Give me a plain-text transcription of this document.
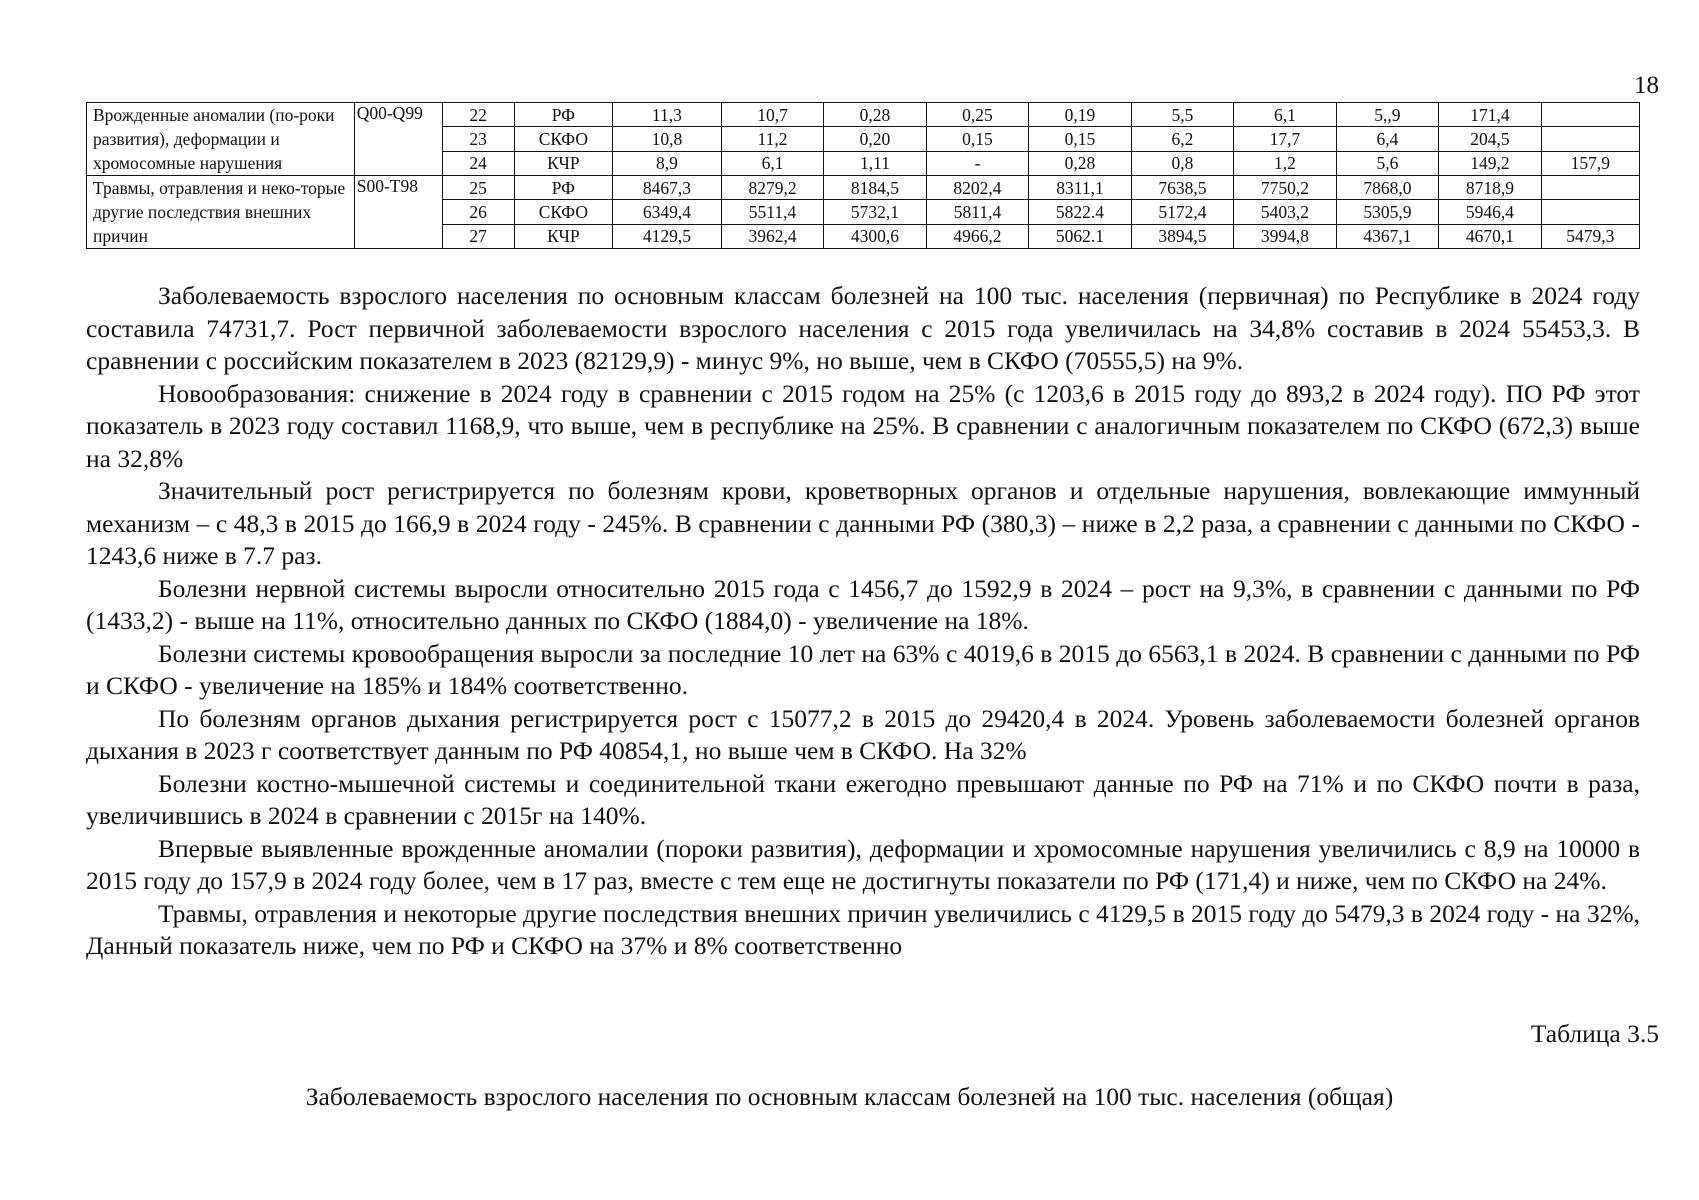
18
Врожденные аномалии (по-роки развития), деформации и хромосомные нарушения	Q00-Q99	22	РФ	11,3	10,7	0,28	0,25	0,19	5,5	6,1	5,,9	171,4	
		23	СКФО	10,8	11,2	0,20	0,15	0,15	6,2	17,7	6,4	204,5	
		24	КЧР	8,9	6,1	1,11	-	0,28	0,8	1,2	5,6	149,2	157,9
Травмы, отравления и неко-торые другие последствия внешних причин	S00-T98	25	РФ	8467,3	8279,2	8184,5	8202,4	8311,1	7638,5	7750,2	7868,0	8718,9	
		26	СКФО	6349,4	5511,4	5732,1	5811,4	5822.4	5172,4	5403,2	5305,9	5946,4	
		27	КЧР	4129,5	3962,4	4300,6	4966,2	5062.1	3894,5	3994,8	4367,1	4670,1	5479,3

Заболеваемость взрослого населения по основным классам болезней на 100 тыс. населения (первичная) по Республике в 2024 году составила 74731,7. Рост первичной заболеваемости взрослого населения с 2015 года увеличилась на 34,8% составив в 2024 55453,3. В сравнении с российским показателем в 2023 (82129,9) - минус 9%, но выше, чем в СКФО (70555,5) на 9%.

Новообразования: снижение в 2024 году в сравнении с 2015 годом на 25% (с 1203,6 в 2015 году до 893,2 в 2024 году). ПО РФ этот показатель в 2023 году составил 1168,9, что выше, чем в республике на 25%. В сравнении с аналогичным показателем по СКФО (672,3) выше на 32,8%

Значительный рост регистрируется по болезням крови, кроветворных органов и отдельные нарушения, вовлекающие иммунный механизм – с 48,3 в 2015 до 166,9 в 2024 году - 245%. В сравнении с данными РФ (380,3) – ниже в 2,2 раза, а сравнении с данными по СКФО - 1243,6 ниже в 7.7 раз.

Болезни нервной системы выросли относительно 2015 года с 1456,7 до 1592,9 в 2024 – рост на 9,3%, в сравнении с данными по РФ (1433,2) - выше на 11%, относительно данных по СКФО (1884,0) - увеличение на 18%.

Болезни системы кровообращения выросли за последние 10 лет на 63% с 4019,6 в 2015 до 6563,1 в 2024. В сравнении с данными по РФ и СКФО - увеличение на 185% и 184% соответственно.

По болезням органов дыхания регистрируется рост с 15077,2 в 2015 до 29420,4 в 2024. Уровень заболеваемости болезней органов дыхания в 2023 г соответствует данным по РФ 40854,1, но выше чем в СКФО. На 32%

Болезни костно-мышечной системы и соединительной ткани ежегодно превышают данные по РФ на 71% и по СКФО почти в раза, увеличившись в 2024 в сравнении с 2015г на 140%.

Впервые выявленные врожденные аномалии (пороки развития), деформации и хромосомные нарушения увеличились с 8,9 на 10000 в 2015 году до 157,9 в 2024 году более, чем в 17 раз, вместе с тем еще не достигнуты показатели по РФ (171,4) и ниже, чем по СКФО на 24%.

Травмы, отравления и некоторые другие последствия внешних причин увеличились с 4129,5 в 2015 году до 5479,3 в 2024 году - на 32%, Данный показатель ниже, чем по РФ и СКФО на 37% и 8% соответственно

Таблица 3.5
Заболеваемость взрослого населения по основным классам болезней на 100 тыс. населения (общая)
